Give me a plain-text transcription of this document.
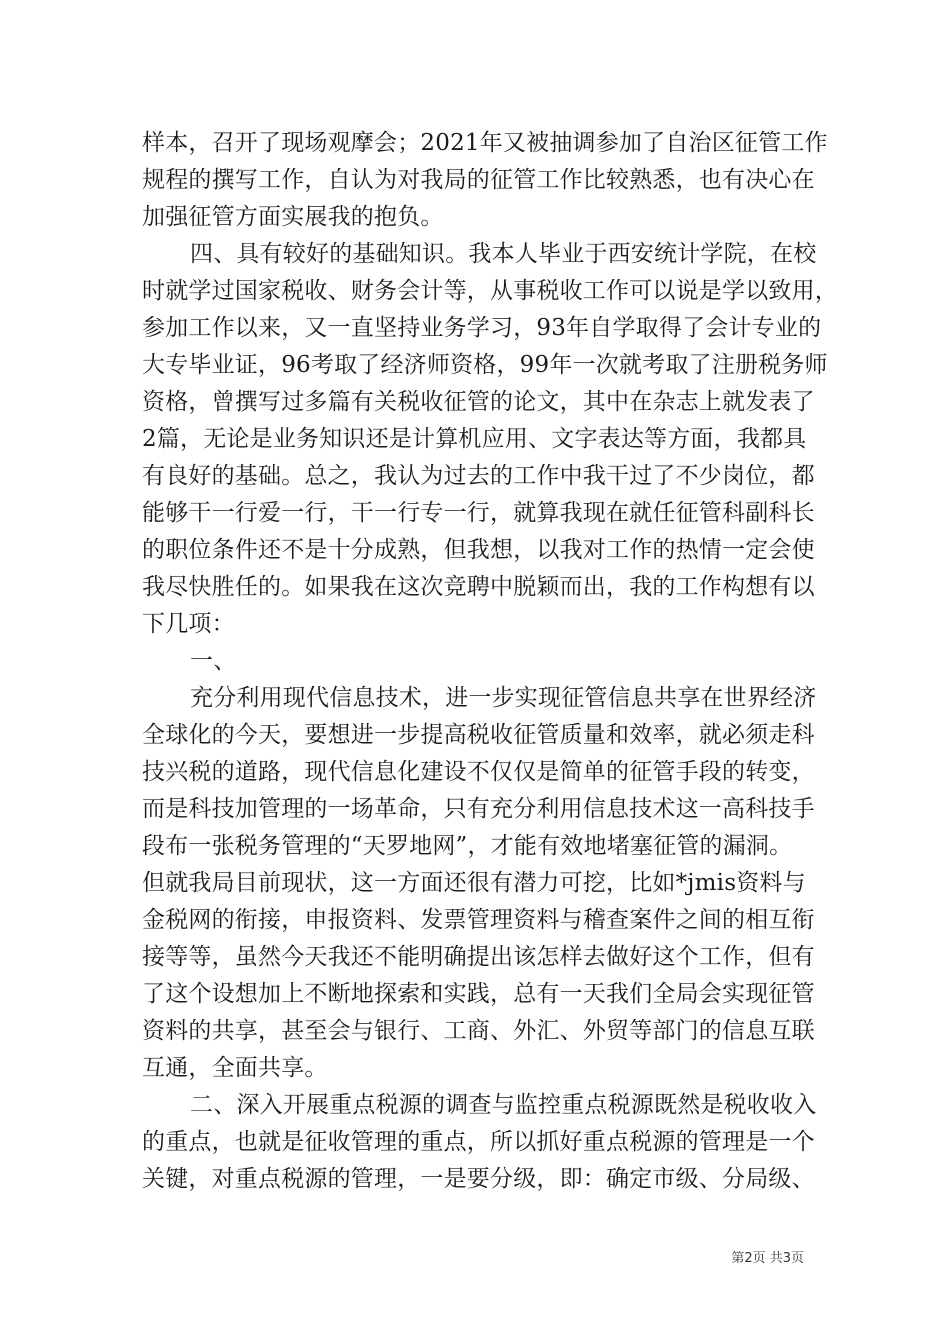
样本，召开了现场观摩会；2021年又被抽调参加了自治区征管工作
规程的撰写工作，自认为对我局的征管工作比较熟悉，也有决心在
加强征管方面实展我的抱负。
四、具有较好的基础知识。我本人毕业于西安统计学院，在校
时就学过国家税收、财务会计等，从事税收工作可以说是学以致用，
参加工作以来，又一直坚持业务学习，93年自学取得了会计专业的
大专毕业证，96考取了经济师资格，99年一次就考取了注册税务师
资格，曾撰写过多篇有关税收征管的论文，其中在杂志上就发表了
2篇，无论是业务知识还是计算机应用、文字表达等方面，我都具
有良好的基础。总之，我认为过去的工作中我干过了不少岗位，都
能够干一行爱一行，干一行专一行，就算我现在就任征管科副科长
的职位条件还不是十分成熟，但我想，以我对工作的热情一定会使
我尽快胜任的。如果我在这次竞聘中脱颖而出，我的工作构想有以
下几项：
一、
充分利用现代信息技术，进一步实现征管信息共享在世界经济
全球化的今天，要想进一步提高税收征管质量和效率，就必须走科
技兴税的道路，现代信息化建设不仅仅是简单的征管手段的转变，
而是科技加管理的一场革命，只有充分利用信息技术这一高科技手
段布一张税务管理的“天罗地网”，才能有效地堵塞征管的漏洞。
但就我局目前现状，这一方面还很有潜力可挖，比如*jmis资料与
金税网的衔接，申报资料、发票管理资料与稽查案件之间的相互衔
接等等，虽然今天我还不能明确提出该怎样去做好这个工作，但有
了这个设想加上不断地探索和实践，总有一天我们全局会实现征管
资料的共享，甚至会与银行、工商、外汇、外贸等部门的信息互联
互通，全面共享。
二、深入开展重点税源的调查与监控重点税源既然是税收收入
的重点，也就是征收管理的重点，所以抓好重点税源的管理是一个
关键，对重点税源的管理，一是要分级，即：确定市级、分局级、
第2页 共3页
